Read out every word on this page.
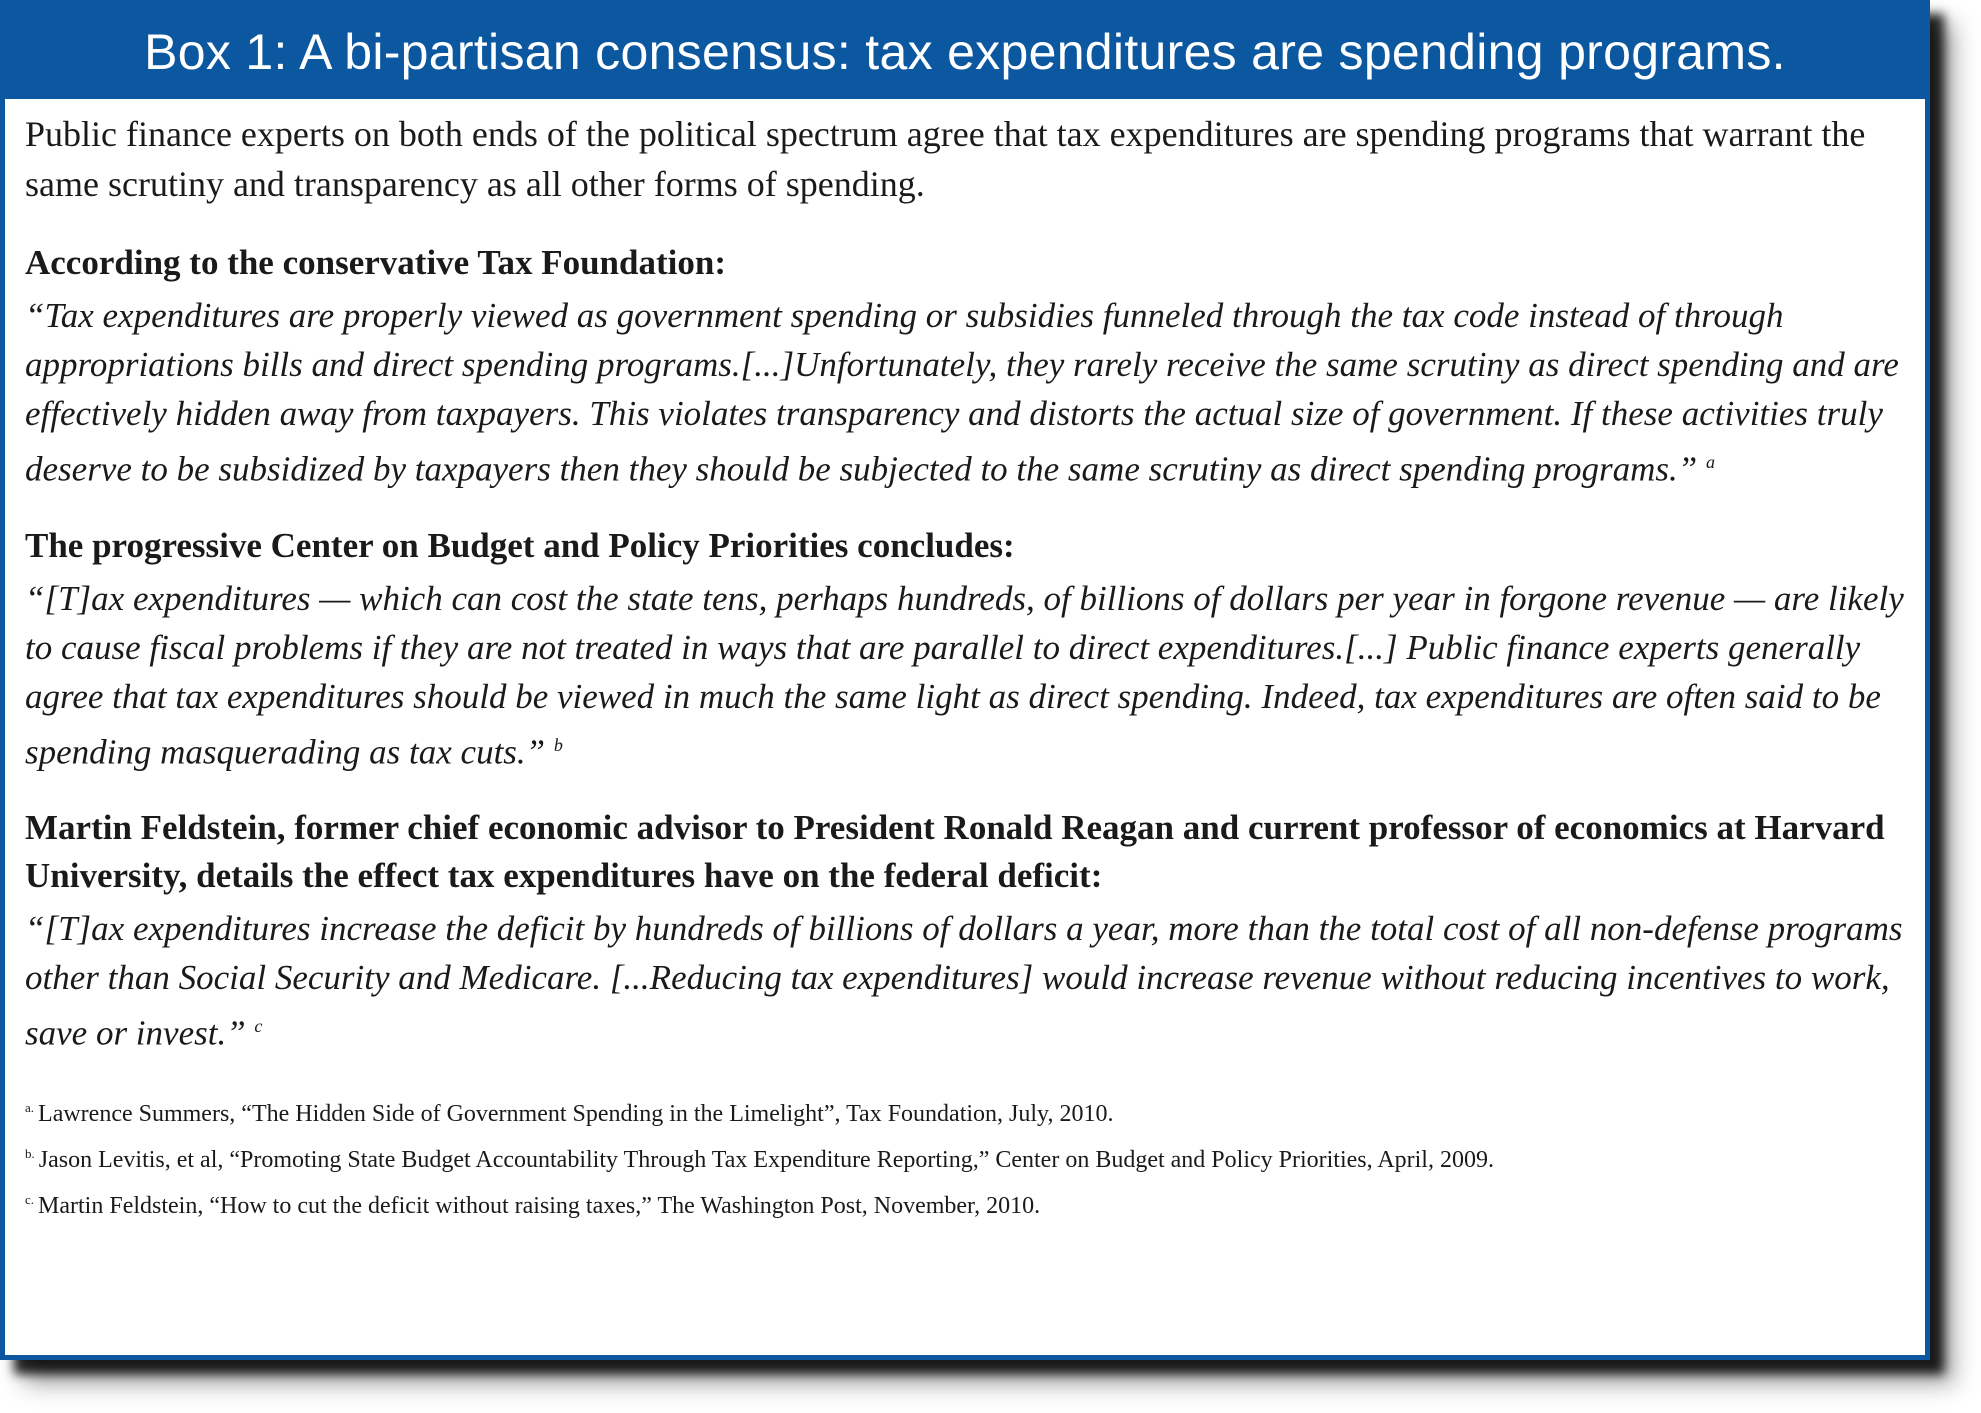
Box 1: A bi-partisan consensus: tax expenditures are spending programs.

Public finance experts on both ends of the political spectrum agree that tax expenditures are spending programs that warrant the same scrutiny and transparency as all other forms of spending.

According to the conservative Tax Foundation:

“Tax expenditures are properly viewed as government spending or subsidies funneled through the tax code instead of through appropriations bills and direct spending programs.[...]Unfortunately, they rarely receive the same scrutiny as direct spending and are effectively hidden away from taxpayers. This violates transparency and distorts the actual size of government. If these activities truly deserve to be subsidized by taxpayers then they should be subjected to the same scrutiny as direct spending programs.” $^a$

The progressive Center on Budget and Policy Priorities concludes:

“[T]ax expenditures — which can cost the state tens, perhaps hundreds, of billions of dollars per year in forgone revenue — are likely to cause fiscal problems if they are not treated in ways that are parallel to direct expenditures.[...] Public finance experts generally agree that tax expenditures should be viewed in much the same light as direct spending. Indeed, tax expenditures are often said to be spending masquerading as tax cuts.” $^b$

Martin Feldstein, former chief economic advisor to President Ronald Reagan and current professor of economics at Harvard University, details the effect tax expenditures have on the federal deficit:

“[T]ax expenditures increase the deficit by hundreds of billions of dollars a year, more than the total cost of all non-defense programs other than Social Security and Medicare. [...Reducing tax expenditures] would increase revenue without reducing incentives to work, save or invest.” $^c$

$^{a.}$ Lawrence Summers, “The Hidden Side of Government Spending in the Limelight”, Tax Foundation, July, 2010.

$^{b.}$ Jason Levitis, et al, “Promoting State Budget Accountability Through Tax Expenditure Reporting,” Center on Budget and Policy Priorities, April, 2009.

$^{c.}$ Martin Feldstein, “How to cut the deficit without raising taxes,” The Washington Post, November, 2010.
